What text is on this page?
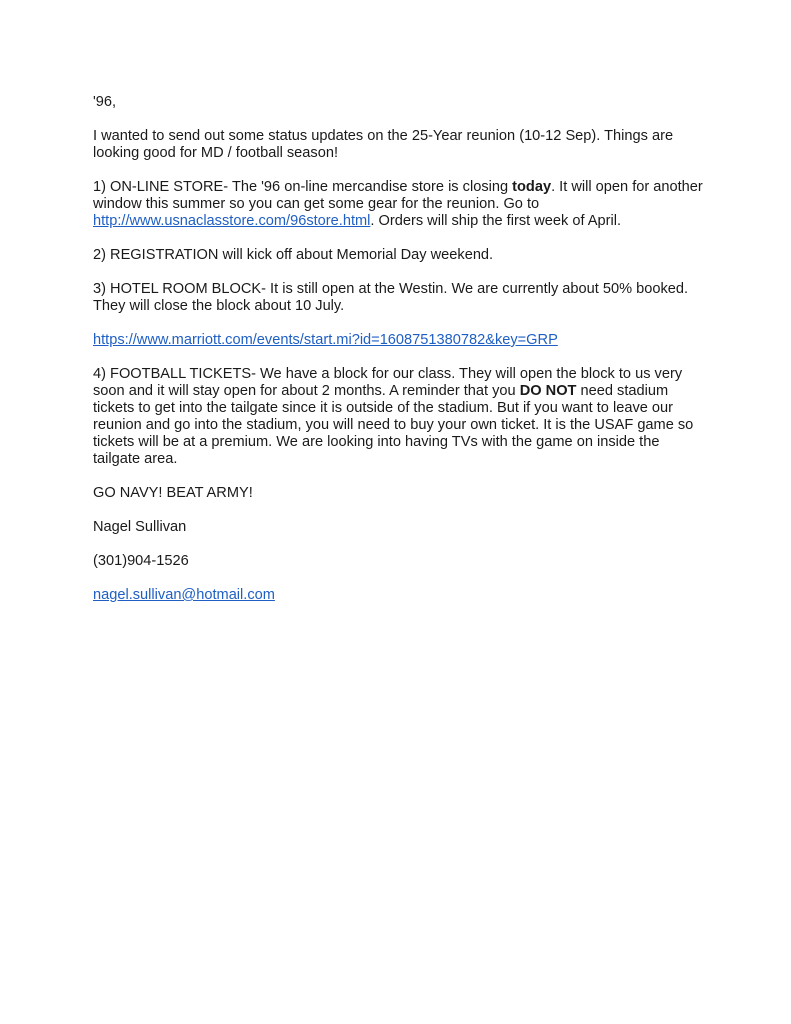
'96,

I wanted to send out some status updates on the 25-Year reunion (10-12 Sep). Things are looking good for MD / football season!

1) ON-LINE STORE- The '96 on-line mercandise store is closing today. It will open for another window this summer so you can get some gear for the reunion. Go to http://www.usnaclasstore.com/96store.html. Orders will ship the first week of April.

2) REGISTRATION will kick off about Memorial Day weekend.

3) HOTEL ROOM BLOCK- It is still open at the Westin. We are currently about 50% booked. They will close the block about 10 July.

https://www.marriott.com/events/start.mi?id=1608751380782&key=GRP

4) FOOTBALL TICKETS- We have a block for our class. They will open the block to us very soon and it will stay open for about 2 months. A reminder that you DO NOT need stadium tickets to get into the tailgate since it is outside of the stadium. But if you want to leave our reunion and go into the stadium, you will need to buy your own ticket. It is the USAF game so tickets will be at a premium. We are looking into having TVs with the game on inside the tailgate area.

GO NAVY! BEAT ARMY!

Nagel Sullivan

(301)904-1526

nagel.sullivan@hotmail.com
